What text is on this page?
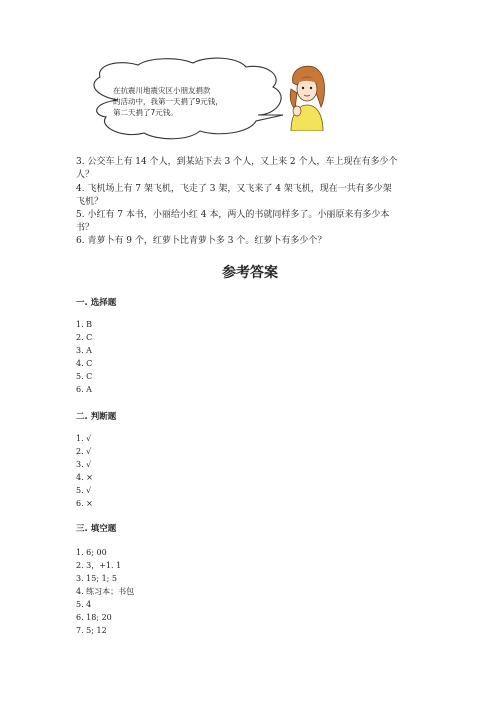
在抗震川地震灾区小朋友捐款
的活动中，我第一天捐了9元钱，
第二天捐了7元钱。
3. 公交车上有 14 个人，到某站下去 3 个人，又上来 2 个人，车上现在有多少个
人？
4. 飞机场上有 7 架飞机，飞走了 3 架，又飞来了 4 架飞机，现在一共有多少架
飞机？
5. 小红有 7 本书，小丽给小红 4 本，两人的书就同样多了。小丽原来有多少本
书？
6. 青萝卜有 9 个，红萝卜比青萝卜多 3 个。红萝卜有多少个？
参考答案
一. 选择题
1. B
2. C
3. A
4. C
5. C
6. A
二. 判断题
1. √
2. √
3. √
4. ×
5. √
6. ×
三. 填空题
1. 6; 00
2. 3，+1. 1
3. 15; 1; 5
4. 练习本；书包
5. 4
6. 18; 20
7. 5; 12
